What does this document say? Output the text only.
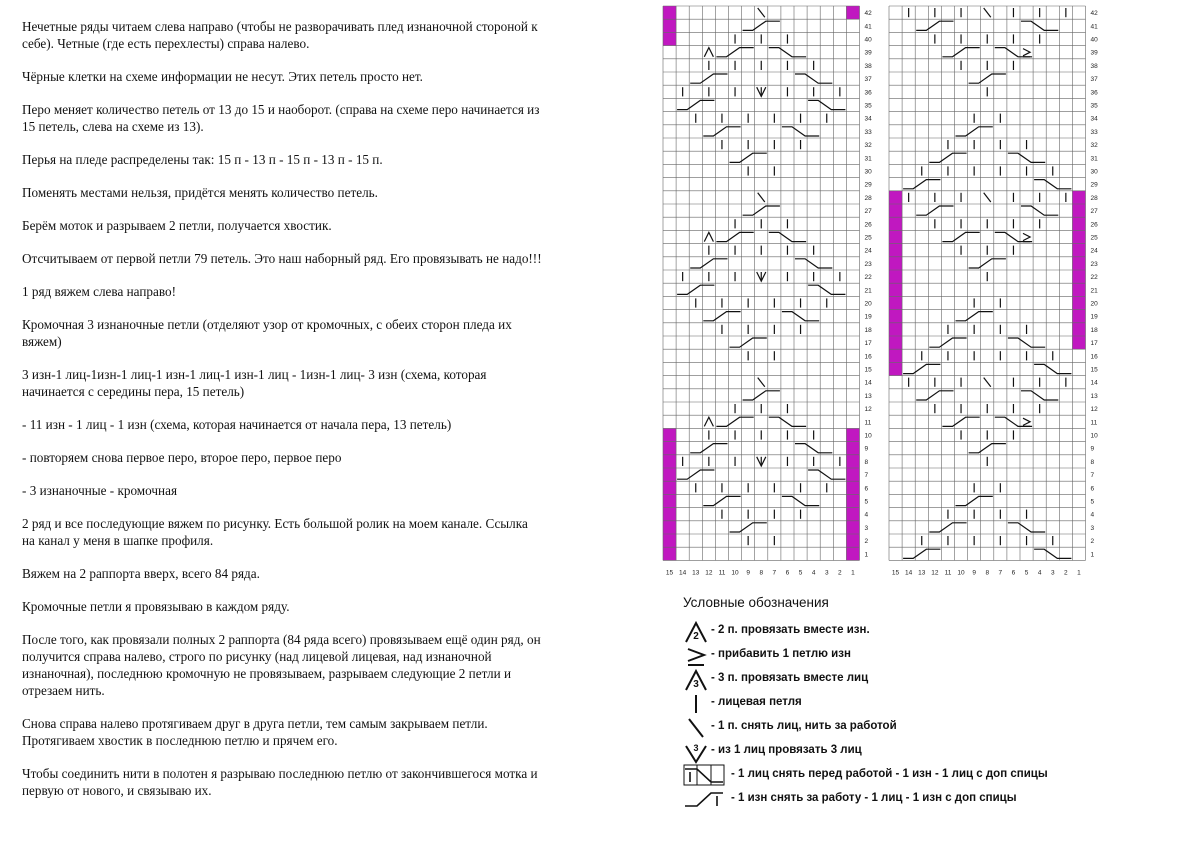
Нечетные ряды читаем слева направо (чтобы не разворачивать плед изнаночной стороной к себе). Четные (где есть перехлесты) справа налево.

Чёрные клетки на схеме информации не несут. Этих петель просто нет.

Перо меняет количество петель от 13 до 15 и наоборот. (справа на схеме перо начинается из 15 петель, слева на схеме из 13).

Перья на пледе распределены так: 15 п - 13 п - 15 п - 13 п - 15 п.

Поменять местами нельзя, придётся менять количество петель.

Берём моток и разрываем 2 петли, получается хвостик.

Отсчитываем от первой петли 79 петель. Это наш наборный ряд. Его провязывать не надо!!!

1 ряд вяжем слева направо!

Кромочная 3 изнаночные петли (отделяют узор от кромочных, с обеих сторон пледа их вяжем)

3 изн-1 лиц-1изн-1 лиц-1 изн-1 лиц-1 изн-1 лиц - 1изн-1 лиц- 3 изн (схема, которая начинается с середины пера, 15 петель)

- 11 изн - 1 лиц - 1 изн (схема, которая начинается от начала пера, 13 петель)

- повторяем снова первое перо, второе перо, первое перо

- 3 изнаночные - кромочная

2 ряд и все последующие вяжем по рисунку. Есть большой ролик на моем канале. Ссылка на канал у меня в шапке профиля.

Вяжем на 2 раппорта вверх, всего 84 ряда.

Кромочные петли я провязываю в каждом ряду.

После того, как провязали полных 2 раппорта (84 ряда всего) провязываем ещё один ряд, он получится справа налево, строго по рисунку (над лицевой лицевая, над изнаночной изнаночная), последнюю кромочную не провязываем, разрываем следующие 2 петли и отрезаем нить.

Снова справа налево протягиваем друг в друга петли, тем самым закрываем петли. Протягиваем хвостик в последнюю петлю и прячем его.

Чтобы соединить нити в полотен я разрываю последнюю петлю от закончившегося мотка и первую от нового, и связываю их.

42
41
40
39
38
37
36
35
34
33
32
31
30
29
28
27
26
25
24
23
22
21
20
19
18
17
16
15
14
13
12
11
10
9
8
7
6
5
4
3
2
1
15 14 13 12 11 10 9 8 7 6 5 4 3 2 1
42
41
40
39
38
37
36
35
34
33
32
31
30
29
28
27
26
25
24
23
22
21
20
19
18
17
16
15
14
13
12
11
10
9
8
7
6
5
4
3
2
1
15 14 13 12 11 10 9 8 7 6 5 4 3 2 1
Условные обозначения
2
- 2 п. провязать вместе изн.
- прибавить 1 петлю изн
3
- 3 п. провязать вместе лиц
- лицевая петля
- 1 п. снять лиц, нить за работой
3 - из 1 лиц провязать 3 лиц
- 1 лиц снять перед работой - 1 изн - 1 лиц с доп спицы
- 1 изн снять за работу - 1 лиц - 1 изн с доп спицы
